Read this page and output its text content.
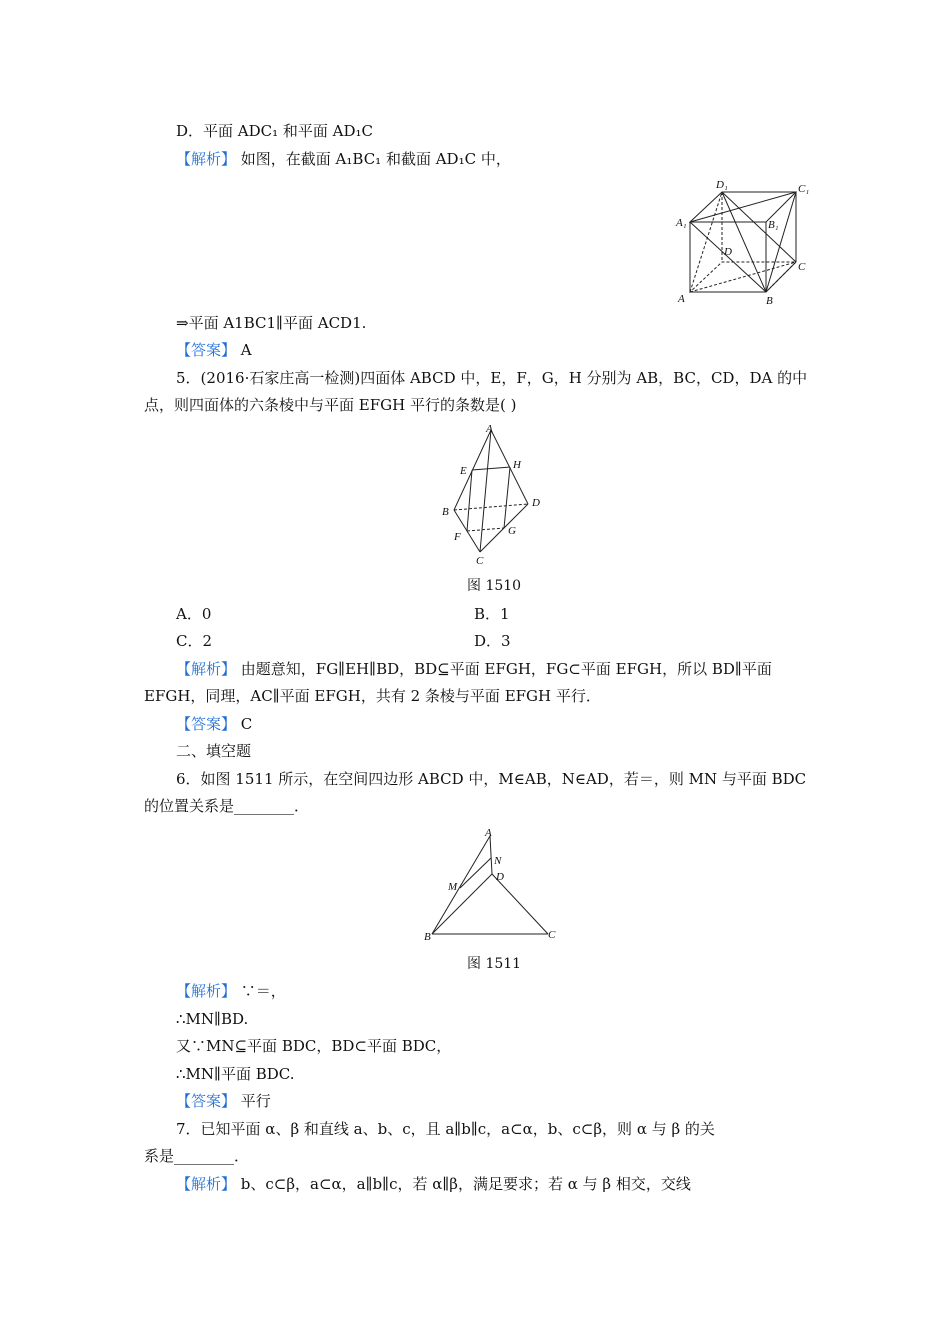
D．平面 ADC₁ 和平面 AD₁C
【解析】 如图，在截面 A₁BC₁ 和截面 AD₁C 中，
⇒平面 A1BC1∥平面 ACD1.
【答案】 A
5．(2016·石家庄高一检测)四面体 ABCD 中，E，F，G，H 分别为 AB，BC，CD，DA 的中
点，则四面体的六条棱中与平面 EFGH 平行的条数是( )
A．0	B．1
C．2	D．3
【解析】 由题意知，FG∥EH∥BD，BD⊆平面 EFGH，FG⊂平面 EFGH，所以 BD∥平面
EFGH，同理，AC∥平面 EFGH，共有 2 条棱与平面 EFGH 平行．
【答案】 C
二、填空题
6．如图 1511 所示，在空间四边形 ABCD 中，M∈AB，N∈AD，若＝，则 MN 与平面 BDC
的位置关系是________．
【解析】 ∵＝，
∴MN∥BD.
又∵MN⊆平面 BDC，BD⊂平面 BDC，
∴MN∥平面 BDC.
【答案】 平行
7．已知平面 α、β 和直线 a、b、c，且 a∥b∥c，a⊂α，b、c⊂β，则 α 与 β 的关
系是________．
【解析】 b、c⊂β，a⊂α，a∥b∥c，若 α∥β，满足要求；若 α 与 β 相交，交线
A	B
C
D
A₁	B₁
C₁
D₁
A
B
C
D
E
F	G
H
图 1510
A
B	C
D
M
N
图 1511
